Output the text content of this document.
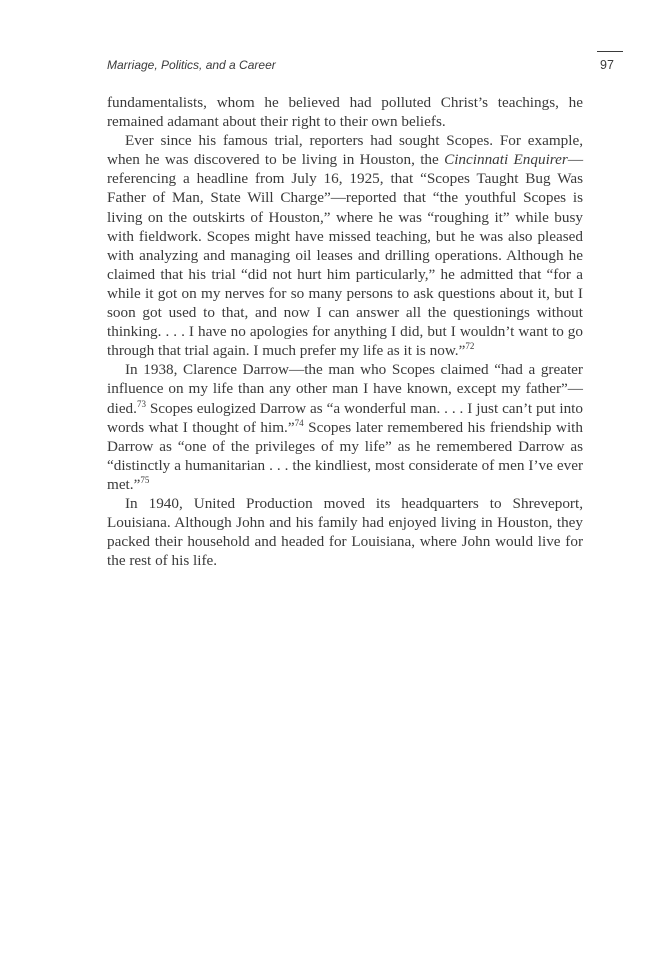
Marriage, Politics, and a Career	97

fundamentalists, whom he believed had polluted Christ’s teachings, he remained adamant about their right to their own beliefs.

Ever since his famous trial, reporters had sought Scopes. For example, when he was discovered to be living in Houston, the Cincinnati Enquirer—referencing a headline from July 16, 1925, that “Scopes Taught Bug Was Father of Man, State Will Charge”—reported that “the youthful Scopes is living on the outskirts of Houston,” where he was “roughing it” while busy with fieldwork. Scopes might have missed teaching, but he was also pleased with analyzing and managing oil leases and drilling operations. Although he claimed that his trial “did not hurt him particularly,” he admitted that “for a while it got on my nerves for so many persons to ask questions about it, but I soon got used to that, and now I can answer all the questionings without thinking. . . . I have no apologies for anything I did, but I wouldn’t want to go through that trial again. I much prefer my life as it is now.”$^{72}$

In 1938, Clarence Darrow—the man who Scopes claimed “had a greater influence on my life than any other man I have known, except my father”—died.$^{73}$ Scopes eulogized Darrow as “a wonderful man. . . . I just can’t put into words what I thought of him.”$^{74}$ Scopes later remembered his friendship with Darrow as “one of the privileges of my life” as he remembered Darrow as “distinctly a humanitarian . . . the kindliest, most considerate of men I’ve ever met.”$^{75}$

In 1940, United Production moved its headquarters to Shreveport, Louisiana. Although John and his family had enjoyed living in Houston, they packed their household and headed for Louisiana, where John would live for the rest of his life.
